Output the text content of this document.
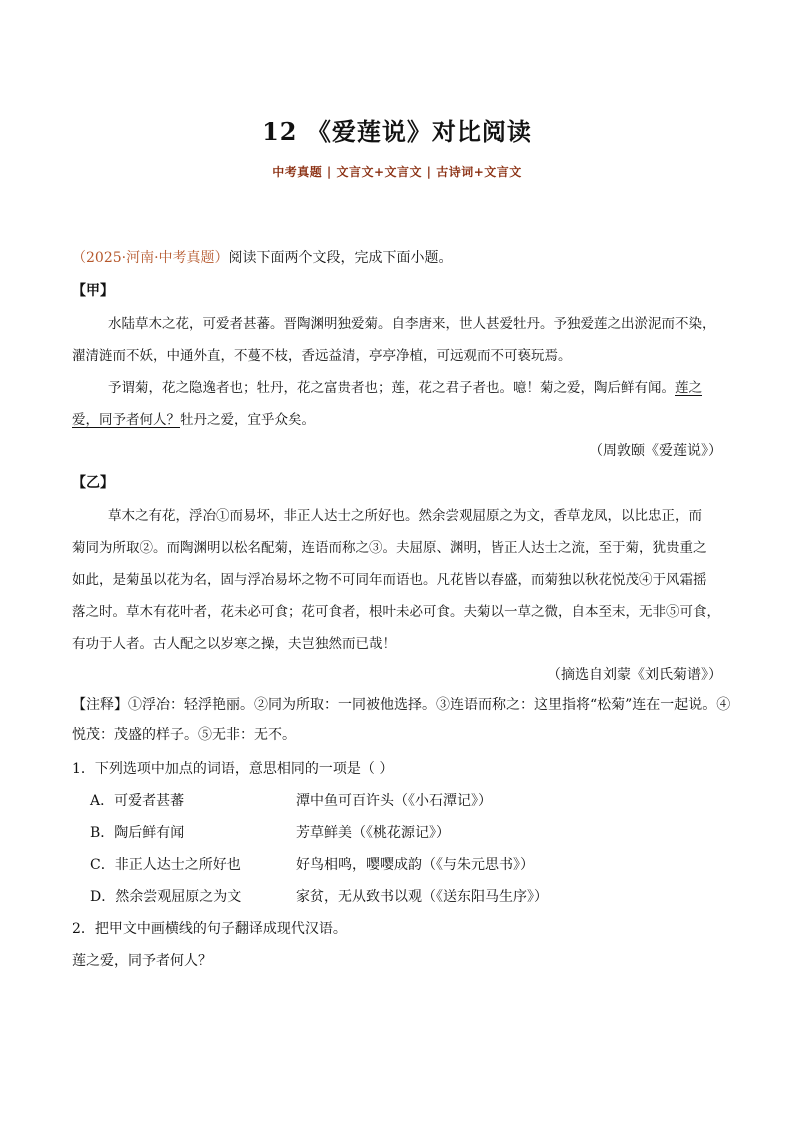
12 《爱莲说》对比阅读
中考真题 | 文言文+文言文 | 古诗词+文言文
（2025·河南·中考真题）阅读下面两个文段，完成下面小题。
【甲】
水陆草木之花，可爱者甚蕃。晋陶渊明独爱菊。自李唐来，世人甚爱牡丹。予独爱莲之出淤泥而不染，
濯清涟而不妖，中通外直，不蔓不枝，香远益清，亭亭净植，可远观而不可亵玩焉。
予谓菊，花之隐逸者也；牡丹，花之富贵者也；莲，花之君子者也。噫！菊之爱，陶后鲜有闻。莲之
爱，同予者何人？牡丹之爱，宜乎众矣。
（周敦颐《爱莲说》）
【乙】
草木之有花，浮冶①而易坏，非正人达士之所好也。然余尝观屈原之为文，香草龙凤，以比忠正，而
菊同为所取②。而陶渊明以松名配菊，连语而称之③。夫屈原、渊明，皆正人达士之流，至于菊，犹贵重之
如此，是菊虽以花为名，固与浮冶易坏之物不可同年而语也。凡花皆以春盛，而菊独以秋花悦茂④于风霜摇
落之时。草木有花叶者，花未必可食；花可食者，根叶未必可食。夫菊以一草之微，自本至末，无非⑤可食，
有功于人者。古人配之以岁寒之操，夫岂独然而已哉！
（摘选自刘蒙《刘氏菊谱》）
【注释】①浮冶：轻浮艳丽。②同为所取：一同被他选择。③连语而称之：这里指将“松菊”连在一起说。④
悦茂：茂盛的样子。⑤无非：无不。
1．下列选项中加点的词语，意思相同的一项是（ ）
A．可爱者甚蕃	潭中鱼可百许头（《小石潭记》）
B．陶后鲜有闻	芳草鲜美（《桃花源记》）
C．非正人达士之所好也	好鸟相鸣，嘤嘤成韵（《与朱元思书》）
D．然余尝观屈原之为文	家贫，无从致书以观（《送东阳马生序》）
2．把甲文中画横线的句子翻译成现代汉语。
莲之爱，同予者何人？
